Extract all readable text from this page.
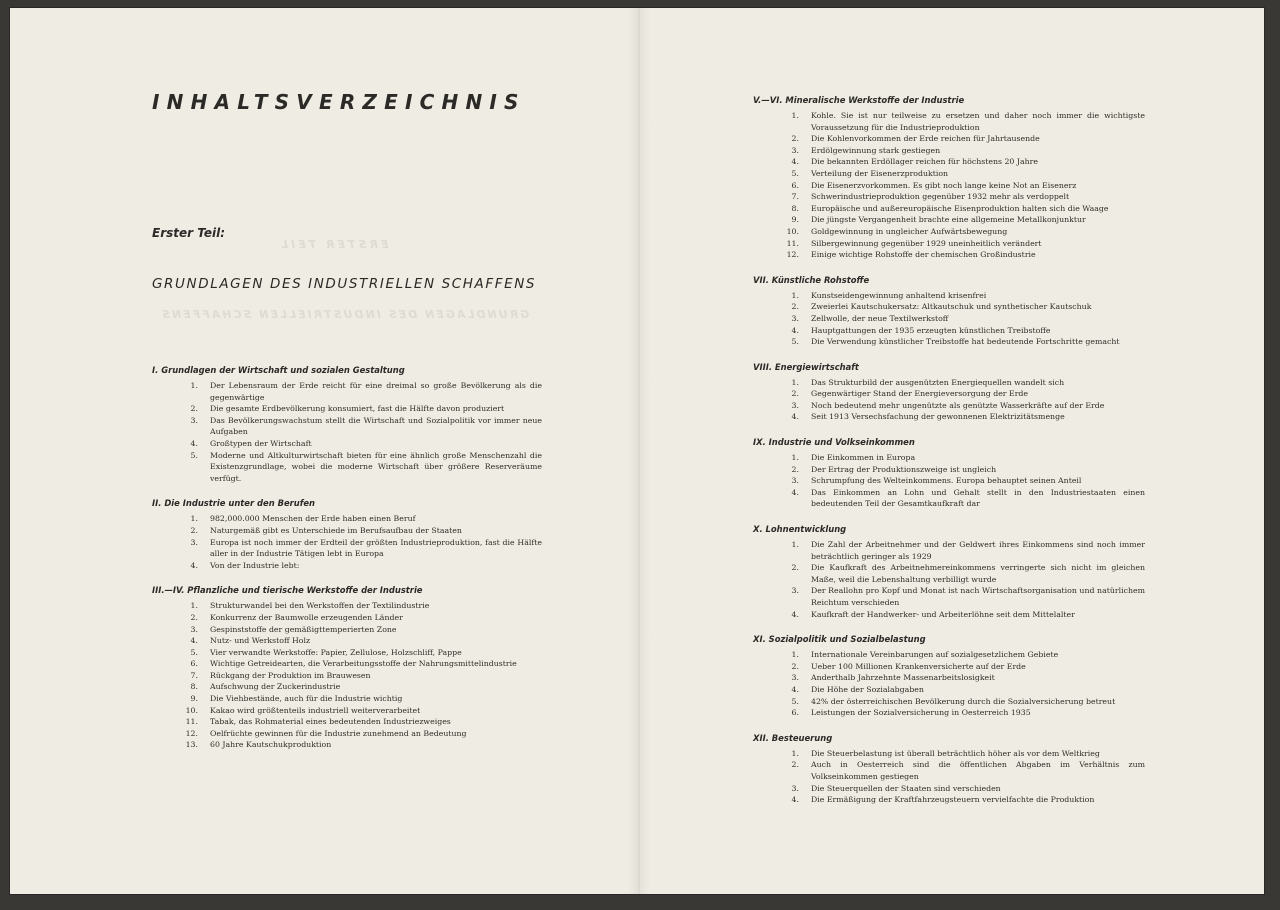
ERSTER TEIL
GRUNDLAGEN DES INDUSTRIELLEN SCHAFFENS
INHALTSVERZEICHNIS
Erster Teil:
GRUNDLAGEN DES INDUSTRIELLEN SCHAFFENS
I. Grundlagen der Wirtschaft und sozialen Gestaltung
1. Der Lebensraum der Erde reicht für eine dreimal so große Bevölkerung als die gegenwärtige
2. Die gesamte Erdbevölkerung konsumiert, fast die Hälfte davon produziert
3. Das Bevölkerungswachstum stellt die Wirtschaft und Sozialpolitik vor immer neue Aufgaben
4. Großtypen der Wirtschaft
5. Moderne und Altkulturwirtschaft bieten für eine ähnlich große Menschenzahl die Existenzgrundlage, wobei die moderne Wirtschaft über größere Reserveräume verfügt.
II. Die Industrie unter den Berufen
1. 982,000.000 Menschen der Erde haben einen Beruf
2. Naturgemäß gibt es Unterschiede im Berufsaufbau der Staaten
3. Europa ist noch immer der Erdteil der größten Industrieproduktion, fast die Hälfte aller in der Industrie Tätigen lebt in Europa
4. Von der Industrie lebt:
III.—IV. Pflanzliche und tierische Werkstoffe der Industrie
1. Strukturwandel bei den Werkstoffen der Textilindustrie
2. Konkurrenz der Baumwolle erzeugenden Länder
3. Gespinststoffe der gemäßigttemperierten Zone
4. Nutz- und Werkstoff Holz
5. Vier verwandte Werkstoffe: Papier, Zellulose, Holzschliff, Pappe
6. Wichtige Getreidearten, die Verarbeitungsstoffe der Nahrungsmittelindustrie
7. Rückgang der Produktion im Brauwesen
8. Aufschwung der Zuckerindustrie
9. Die Viehbestände, auch für die Industrie wichtig
10. Kakao wird größtenteils industriell weiterverarbeitet
11. Tabak, das Rohmaterial eines bedeutenden Industriezweiges
12. Oelfrüchte gewinnen für die Industrie zunehmend an Bedeutung
13. 60 Jahre Kautschukproduktion
V.—VI. Mineralische Werkstoffe der Industrie
1. Kohle. Sie ist nur teilweise zu ersetzen und daher noch immer die wichtigste Voraussetzung für die Industrieproduktion
2. Die Kohlenvorkommen der Erde reichen für Jahrtausende
3. Erdölgewinnung stark gestiegen
4. Die bekannten Erdöllager reichen für höchstens 20 Jahre
5. Verteilung der Eisenerzproduktion
6. Die Eisenerzvorkommen. Es gibt noch lange keine Not an Eisenerz
7. Schwerindustrieproduktion gegenüber 1932 mehr als verdoppelt
8. Europäische und außereuropäische Eisenproduktion halten sich die Waage
9. Die jüngste Vergangenheit brachte eine allgemeine Metallkonjunktur
10. Goldgewinnung in ungleicher Aufwärtsbewegung
11. Silbergewinnung gegenüber 1929 uneinheitlich verändert
12. Einige wichtige Rohstoffe der chemischen Großindustrie
VII. Künstliche Rohstoffe
1. Kunstseidengewinnung anhaltend krisenfrei
2. Zweierlei Kautschukersatz: Altkautschuk und synthetischer Kautschuk
3. Zellwolle, der neue Textilwerkstoff
4. Hauptgattungen der 1935 erzeugten künstlichen Treibstoffe
5. Die Verwendung künstlicher Treibstoffe hat bedeutende Fortschritte gemacht
VIII. Energiewirtschaft
1. Das Strukturbild der ausgenützten Energiequellen wandelt sich
2. Gegenwärtiger Stand der Energieversorgung der Erde
3. Noch bedeutend mehr ungenützte als genützte Wasserkräfte auf der Erde
4. Seit 1913 Versechsfachung der gewonnenen Elektrizitätsmenge
IX. Industrie und Volkseinkommen
1. Die Einkommen in Europa
2. Der Ertrag der Produktionszweige ist ungleich
3. Schrumpfung des Welteinkommens. Europa behauptet seinen Anteil
4. Das Einkommen an Lohn und Gehalt stellt in den Industriestaaten einen bedeutenden Teil der Gesamtkaufkraft dar
X. Lohnentwicklung
1. Die Zahl der Arbeitnehmer und der Geldwert ihres Einkommens sind noch immer beträchtlich geringer als 1929
2. Die Kaufkraft des Arbeitnehmereinkommens verringerte sich nicht im gleichen Maße, weil die Lebenshaltung verbilligt wurde
3. Der Reallohn pro Kopf und Monat ist nach Wirtschaftsorganisation und natürlichem Reichtum verschieden
4. Kaufkraft der Handwerker- und Arbeiterlöhne seit dem Mittelalter
XI. Sozialpolitik und Sozialbelastung
1. Internationale Vereinbarungen auf sozialgesetzlichem Gebiete
2. Ueber 100 Millionen Krankenversicherte auf der Erde
3. Anderthalb Jahrzehnte Massenarbeitslosigkeit
4. Die Höhe der Sozialabgaben
5. 42% der österreichischen Bevölkerung durch die Sozialversicherung betreut
6. Leistungen der Sozialversicherung in Oesterreich 1935
XII. Besteuerung
1. Die Steuerbelastung ist überall beträchtlich höher als vor dem Weltkrieg
2. Auch in Oesterreich sind die öffentlichen Abgaben im Verhältnis zum Volkseinkommen gestiegen
3. Die Steuerquellen der Staaten sind verschieden
4. Die Ermäßigung der Kraftfahrzeugsteuern vervielfachte die Produktion
